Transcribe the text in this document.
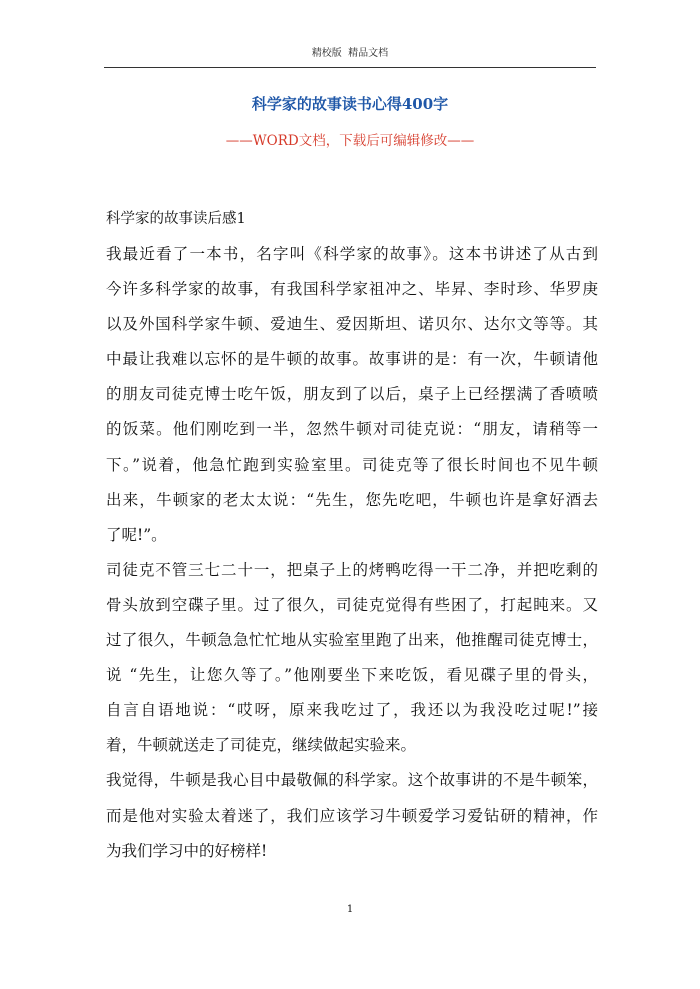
精校版  精品文档
科学家的故事读书心得400字
——WORD文档，下载后可编辑修改——

科学家的故事读后感1

我最近看了一本书，名字叫《科学家的故事》。这本书讲述了从古到

今许多科学家的故事，有我国科学家祖冲之、毕昇、李时珍、华罗庚

以及外国科学家牛顿、爱迪生、爱因斯坦、诺贝尔、达尔文等等。其

中最让我难以忘怀的是牛顿的故事。故事讲的是：有一次，牛顿请他

的朋友司徒克博士吃午饭，朋友到了以后，桌子上已经摆满了香喷喷

的饭菜。他们刚吃到一半，忽然牛顿对司徒克说：“朋友，请稍等一

下。”说着，他急忙跑到实验室里。司徒克等了很长时间也不见牛顿

出来，牛顿家的老太太说：“先生，您先吃吧，牛顿也许是拿好酒去

了呢!”。

司徒克不管三七二十一，把桌子上的烤鸭吃得一干二净，并把吃剩的

骨头放到空碟子里。过了很久，司徒克觉得有些困了，打起盹来。又

过了很久，牛顿急急忙忙地从实验室里跑了出来，他推醒司徒克博士，

说 “先生，让您久等了。”他刚要坐下来吃饭，看见碟子里的骨头，

自言自语地说：“哎呀，原来我吃过了，我还以为我没吃过呢!”接

着，牛顿就送走了司徒克，继续做起实验来。

我觉得，牛顿是我心目中最敬佩的科学家。这个故事讲的不是牛顿笨，

而是他对实验太着迷了，我们应该学习牛顿爱学习爱钻研的精神，作

为我们学习中的好榜样!

1
